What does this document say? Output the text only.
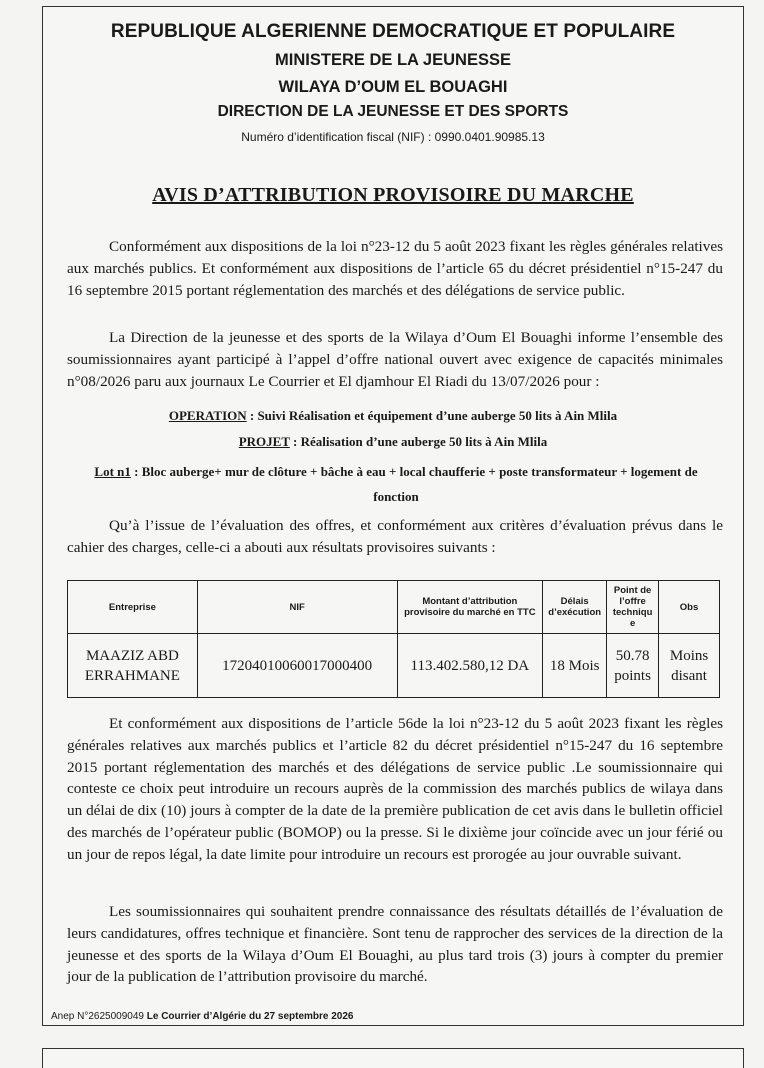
REPUBLIQUE ALGERIENNE DEMOCRATIQUE ET POPULAIRE
MINISTERE DE LA JEUNESSE
WILAYA D’OUM EL BOUAGHI
DIRECTION DE LA JEUNESSE ET DES SPORTS
Numéro d’identification fiscal (NIF) : 0990.0401.90985.13
AVIS D’ATTRIBUTION PROVISOIRE DU MARCHE
Conformément aux dispositions de la loi n°23-12 du 5 août 2023 fixant les règles générales relatives aux marchés publics. Et conformément aux dispositions de l’article 65 du décret présidentiel n°15-247 du 16 septembre 2015 portant réglementation des marchés et des délégations de service public.
La Direction de la jeunesse et des sports de la Wilaya d’Oum El Bouaghi informe l’ensemble des soumissionnaires ayant participé à l’appel d’offre national ouvert avec exigence de capacités minimales n°08/2026 paru aux journaux Le Courrier et El djamhour El Riadi du 13/07/2026 pour :
OPERATION : Suivi Réalisation et équipement d’une auberge 50 lits à Ain Mlila
PROJET : Réalisation d’une auberge 50 lits à Ain Mlila
Lot n1 : Bloc auberge+ mur de clôture + bâche à eau + local chaufferie + poste transformateur + logement de fonction
Qu’à l’issue de l’évaluation des offres, et conformément aux critères d’évaluation prévus dans le cahier des charges, celle-ci a abouti aux résultats provisoires suivants :
Entreprise	NIF	Montant d’attribution provisoire du marché en TTC	Délais d’exécution	Point de l’offre techniqu e	Obs
MAAZIZ ABD ERRAHMANE	17204010060017000400	113.402.580,12 DA	18 Mois	50.78 points	Moins disant
Et conformément aux dispositions de l’article 56de la loi n°23-12 du 5 août 2023 fixant les règles générales relatives aux marchés publics et l’article 82 du décret présidentiel n°15-247 du 16 septembre 2015 portant réglementation des marchés et des délégations de service public .Le soumissionnaire qui conteste ce choix peut introduire un recours auprès de la commission des marchés publics de wilaya dans un délai de dix (10) jours à compter de la date de la première publication de cet avis dans le bulletin officiel des marchés de l’opérateur public (BOMOP) ou la presse. Si le dixième jour coïncide avec un jour férié ou un jour de repos légal, la date limite pour introduire un recours est prorogée au jour ouvrable suivant.
Les soumissionnaires qui souhaitent prendre connaissance des résultats détaillés de l’évaluation de leurs candidatures, offres technique et financière. Sont tenu de rapprocher des services de la direction de la jeunesse et des sports de la Wilaya d’Oum El Bouaghi, au plus tard trois (3) jours à compter du premier jour de la publication de l’attribution provisoire du marché.
Anep N°2625009049 Le Courrier d’Algérie du 27 septembre 2026
